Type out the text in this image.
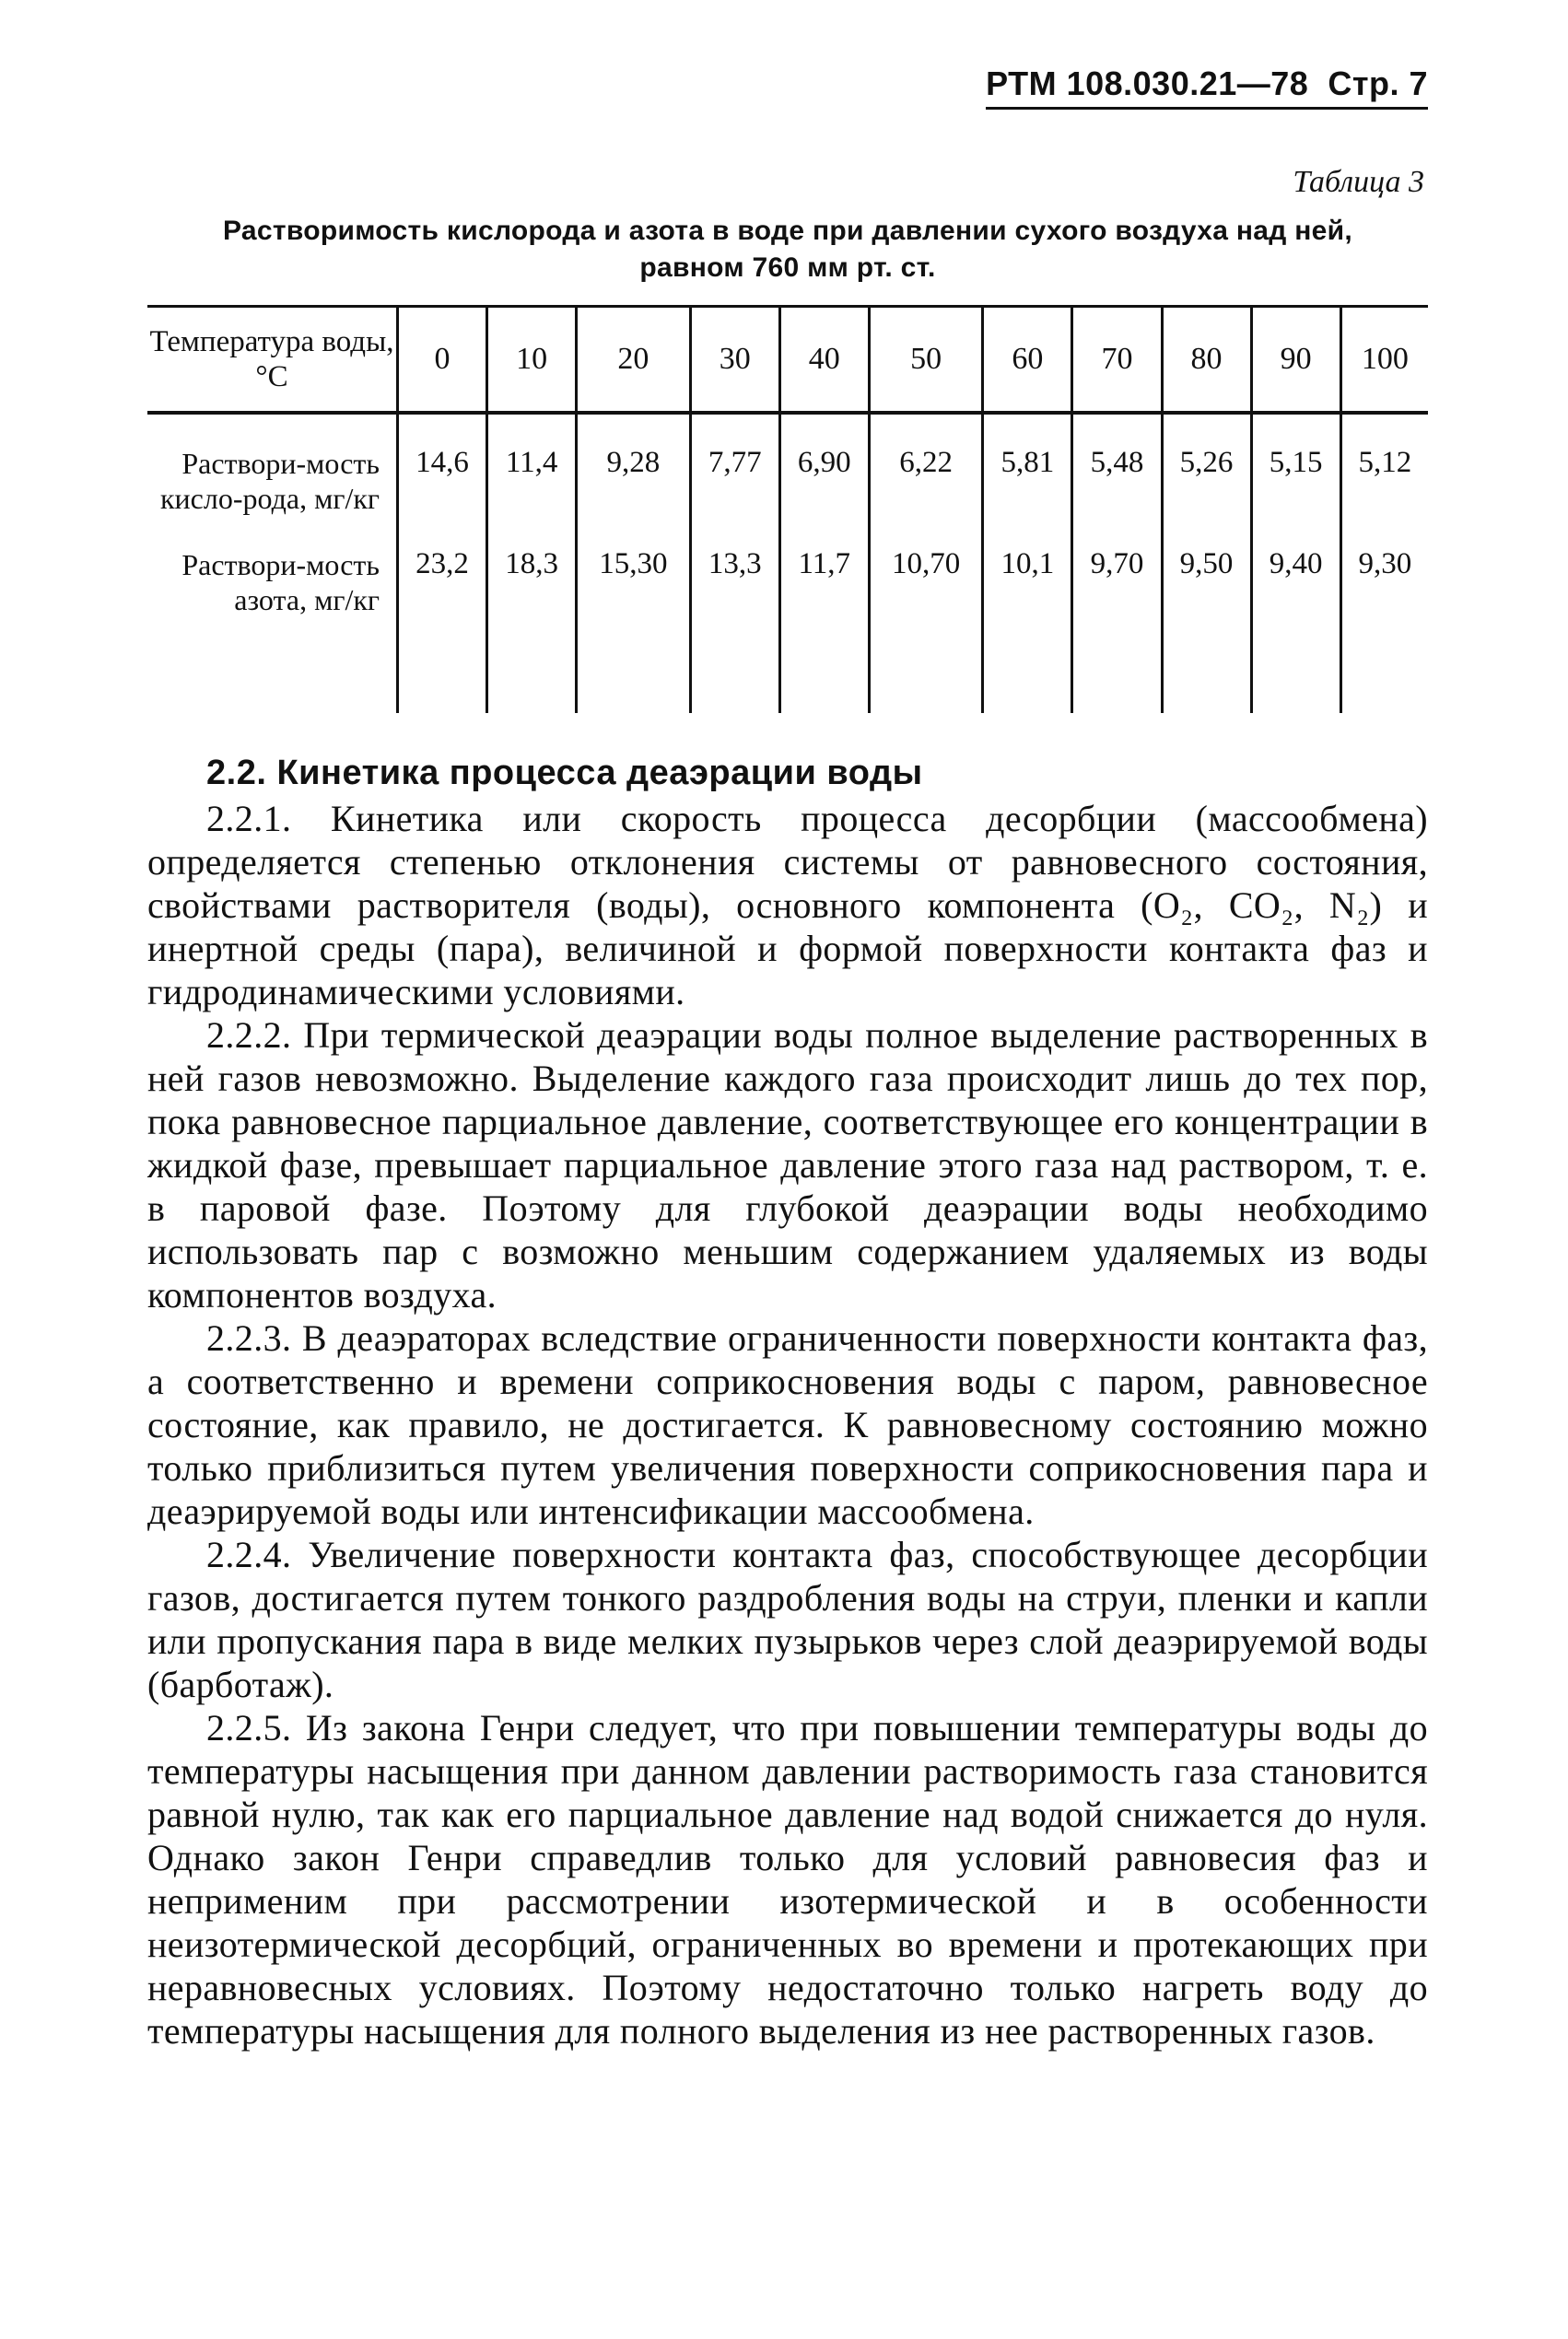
РТМ 108.030.21—78 Стр. 7
Таблица 3
Растворимость кислорода и азота в воде при давлении сухого воздуха над ней,
равном 760 мм рт. ст.
Температура воды, °С	0	10	20	30	40	50	60	70	80	90	100
Раствори-мость кисло-рода, мг/кг	14,6	11,4	9,28	7,77	6,90	6,22	5,81	5,48	5,26	5,15	5,12
Раствори-мость азота, мг/кг	23,2	18,3	15,30	13,3	11,7	10,70	10,1	9,70	9,50	9,40	9,30
2.2. Кинетика процесса деаэрации воды

2.2.1. Кинетика или скорость процесса десорбции (массообмена) определяется степенью отклонения системы от равновесного состояния, свойствами растворителя (воды), основного компонента (O₂, CO₂, N₂) и инертной среды (пара), величиной и формой поверхности контакта фаз и гидродинамическими условиями.

2.2.2. При термической деаэрации воды полное выделение растворенных в ней газов невозможно. Выделение каждого газа происходит лишь до тех пор, пока равновесное парциальное давление, соответствующее его концентрации в жидкой фазе, превышает парциальное давление этого газа над раствором, т. е. в паровой фазе. Поэтому для глубокой деаэрации воды необходимо использовать пар с возможно меньшим содержанием удаляемых из воды компонентов воздуха.

2.2.3. В деаэраторах вследствие ограниченности поверхности контакта фаз, а соответственно и времени соприкосновения воды с паром, равновесное состояние, как правило, не достигается. К равновесному состоянию можно только приблизиться путем увеличения поверхности соприкосновения пара и деаэрируемой воды или интенсификации массообмена.

2.2.4. Увеличение поверхности контакта фаз, способствующее десорбции газов, достигается путем тонкого раздробления воды на струи, пленки и капли или пропускания пара в виде мелких пузырьков через слой деаэрируемой воды (барботаж).

2.2.5. Из закона Генри следует, что при повышении температуры воды до температуры насыщения при данном давлении растворимость газа становится равной нулю, так как его парциальное давление над водой снижается до нуля. Однако закон Генри справедлив только для условий равновесия фаз и неприменим при рассмотрении изотермической и в особенности неизотермической десорбций, ограниченных во времени и протекающих при неравновесных условиях. Поэтому недостаточно только нагреть воду до температуры насыщения для полного выделения из нее растворенных газов.
